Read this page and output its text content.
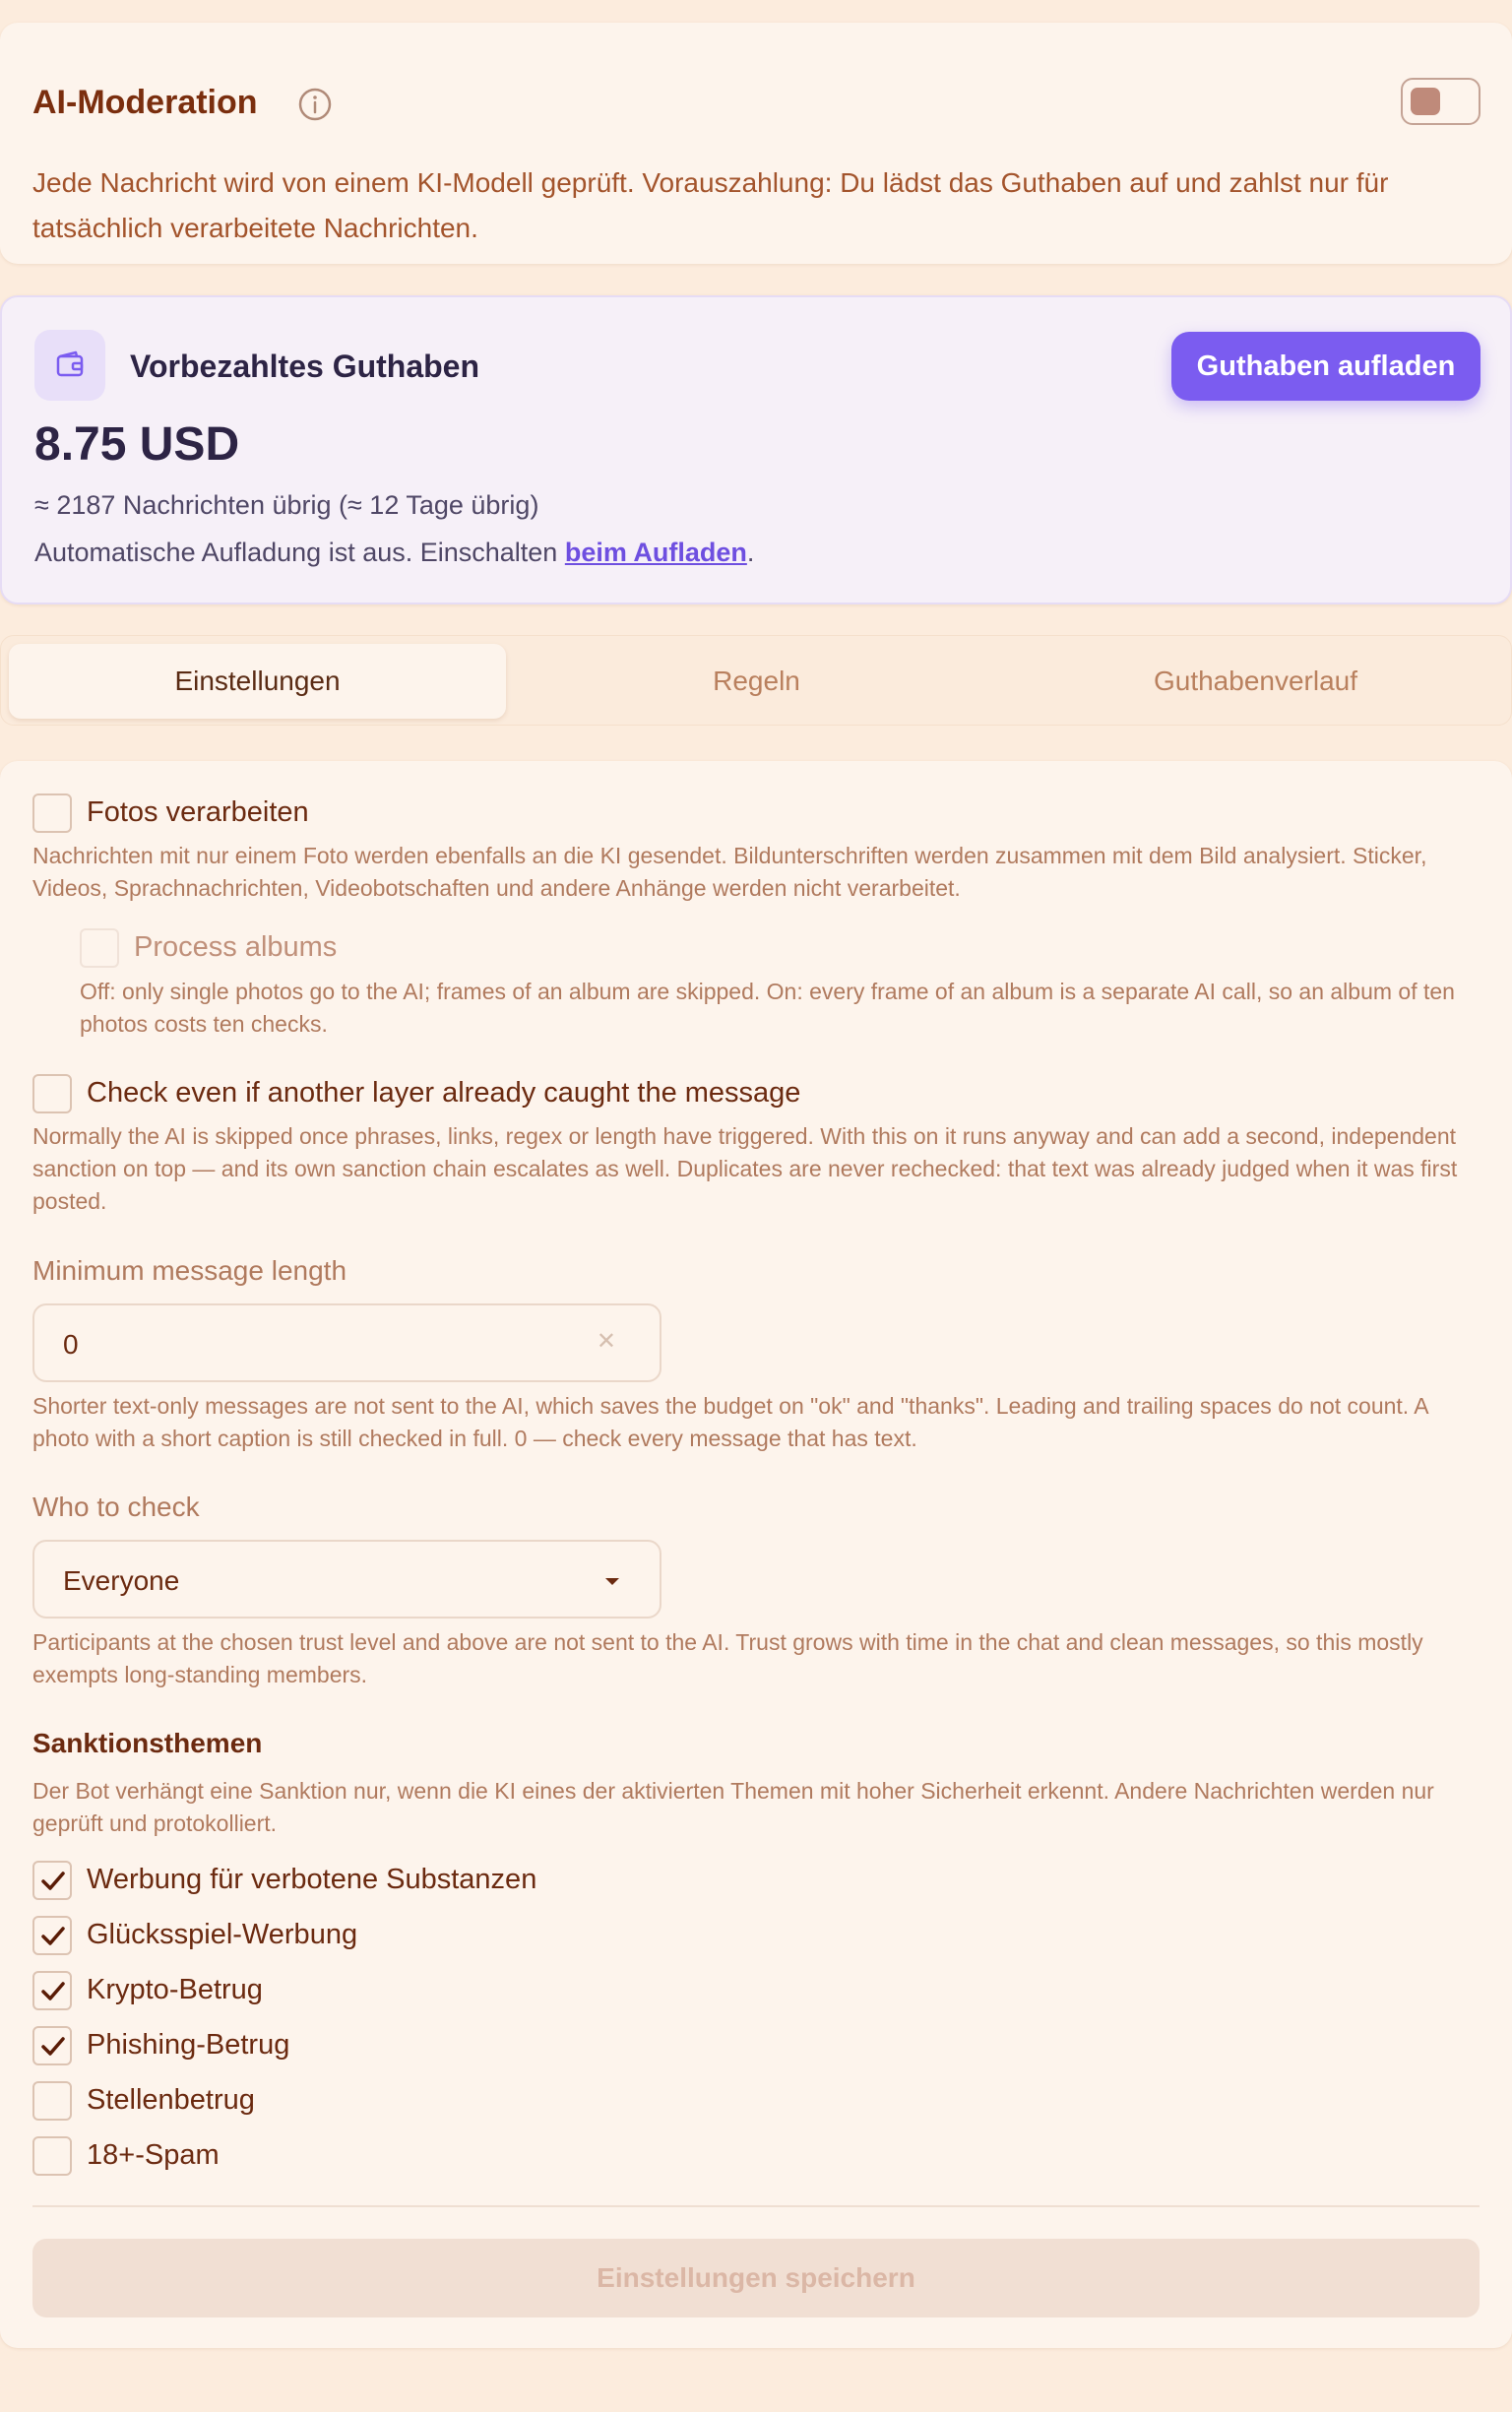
AI-Moderation
Jede Nachricht wird von einem KI-Modell geprüft. Vorauszahlung: Du lädst das Guthaben auf und zahlst nur für tatsächlich verarbeitete Nachrichten.
Vorbezahltes Guthaben	Guthaben aufladen
8.75 USD
≈ 2187 Nachrichten übrig (≈ 12 Tage übrig)
Automatische Aufladung ist aus. Einschalten beim Aufladen.
Einstellungen	Regeln	Guthabenverlauf
Fotos verarbeiten
Nachrichten mit nur einem Foto werden ebenfalls an die KI gesendet. Bildunterschriften werden zusammen mit dem Bild analysiert. Sticker, Videos, Sprachnachrichten, Videobotschaften und andere Anhänge werden nicht verarbeitet.
Process albums
Off: only single photos go to the AI; frames of an album are skipped. On: every frame of an album is a separate AI call, so an album of ten photos costs ten checks.
Check even if another layer already caught the message
Normally the AI is skipped once phrases, links, regex or length have triggered. With this on it runs anyway and can add a second, independent sanction on top — and its own sanction chain escalates as well. Duplicates are never rechecked: that text was already judged when it was first posted.
Minimum message length
0	✕
Shorter text-only messages are not sent to the AI, which saves the budget on "ok" and "thanks". Leading and trailing spaces do not count. A photo with a short caption is still checked in full. 0 — check every message that has text.
Who to check
Everyone
Participants at the chosen trust level and above are not sent to the AI. Trust grows with time in the chat and clean messages, so this mostly exempts long-standing members.
Sanktionsthemen
Der Bot verhängt eine Sanktion nur, wenn die KI eines der aktivierten Themen mit hoher Sicherheit erkennt. Andere Nachrichten werden nur geprüft und protokolliert.
Werbung für verbotene Substanzen
Glücksspiel-Werbung
Krypto-Betrug
Phishing-Betrug
Stellenbetrug
18+-Spam
Einstellungen speichern
